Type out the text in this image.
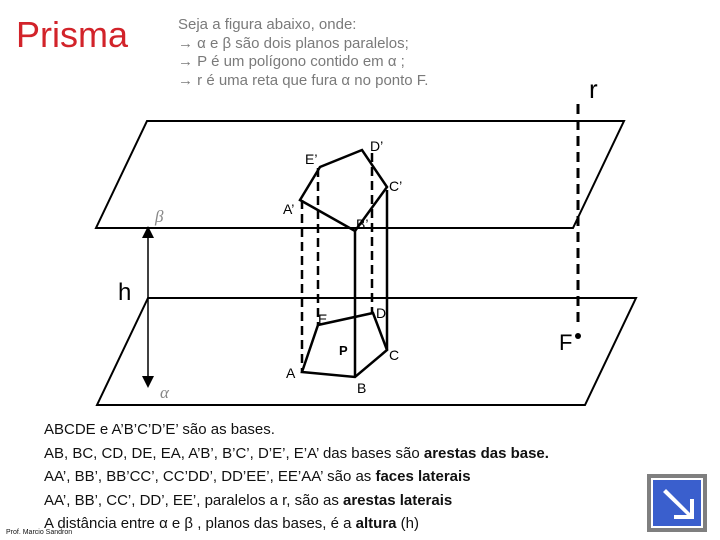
Prisma	Seja a figura abaixo, onde:
→ α e β são dois planos paralelos;
→ P é um polígono contido em α ;
→ r é uma reta que fura α no ponto F.	r
β
α
h
F
P
A
B
C
D
E
A’
B’
C’
D’
E’
ABCDE e A’B’C’D’E’ são as bases.
AB, BC, CD, DE, EA, A’B’, B’C’, D’E’, E’A’ das bases são arestas das base.
AA’, BB’, BB’CC’, CC’DD’, DD’EE’, EE’AA’ são as faces laterais
AA’, BB’, CC’, DD’, EE’, paralelos a r, são as arestas laterais
A distância entre α e β , planos das bases, é a altura (h)
Prof. Marcio Sandron
